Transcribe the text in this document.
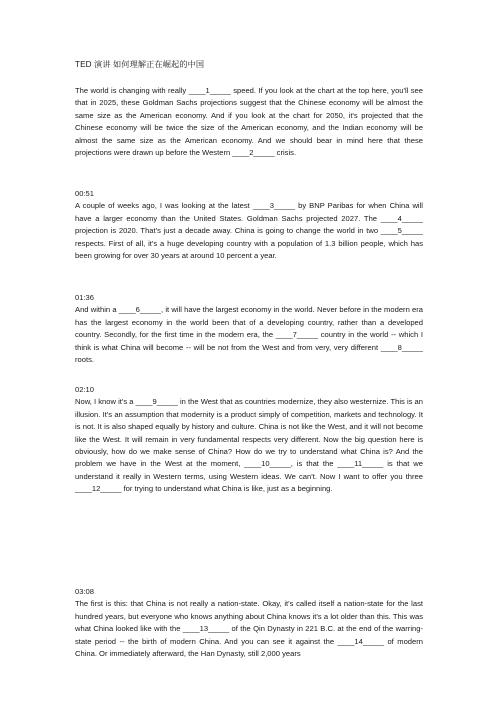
TED 演讲 如何理解正在崛起的中国
The world is changing with really ____1_____ speed. If you look at the chart at the top here, you'll see that in 2025, these Goldman Sachs projections suggest that the Chinese economy will be almost the same size as the American economy. And if you look at the chart for 2050, it's projected that the Chinese economy will be twice the size of the American economy, and the Indian economy will be almost the same size as the American economy. And we should bear in mind here that these projections were drawn up before the Western ____2_____ crisis.
00:51
A couple of weeks ago, I was looking at the latest ____3_____ by BNP Paribas for when China will have a larger economy than the United States. Goldman Sachs projected 2027. The ____4_____ projection is 2020. That's just a decade away. China is going to change the world in two ____5_____ respects. First of all, it's a huge developing country with a population of 1.3 billion people, which has been growing for over 30 years at around 10 percent a year.
01:36
And within a ____6_____, it will have the largest economy in the world. Never before in the modern era has the largest economy in the world been that of a developing country, rather than a developed country. Secondly, for the first time in the modern era, the ____7_____ country in the world -- which I think is what China will become -- will be not from the West and from very, very different ____8_____ roots.
02:10
Now, I know it's a ____9_____ in the West that as countries modernize, they also westernize. This is an illusion. It's an assumption that modernity is a product simply of competition, markets and technology. It is not. It is also shaped equally by history and culture. China is not like the West, and it will not become like the West. It will remain in very fundamental respects very different. Now the big question here is obviously, how do we make sense of China? How do we try to understand what China is? And the problem we have in the West at the moment, ____10_____, is that the ____11_____ is that we understand it really in Western terms, using Western ideas. We can't. Now I want to offer you three ____12_____ for trying to understand what China is like, just as a beginning.
03:08
The first is this: that China is not really a nation-state. Okay, it's called itself a nation-state for the last hundred years, but everyone who knows anything about China knows it's a lot older than this. This was what China looked like with the ____13_____ of the Qin Dynasty in 221 B.C. at the end of the warring-state period -- the birth of modern China. And you can see it against the ____14_____ of modern China. Or immediately afterward, the Han Dynasty, still 2,000 years
